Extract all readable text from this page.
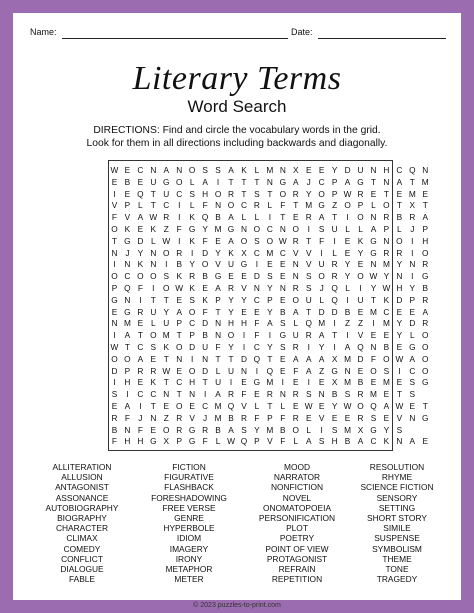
Name:	Date:
Literary Terms
Word Search
DIRECTIONS: Find and circle the vocabulary words in the grid.
Look for them in all directions including backwards and diagonally.
W E C N A N O S S A K L M N X E E Y D U N H C Q N
E B E U G O L A	I	T T T N G A J C P A G T N A T M
I	E Q T U C S H O R T S T O R Y O P W R E T E M E
V P L T C	I	L F N O C R L F T M G Z O P L O T X T
F V A W R	I	K Q B A L	L	I	T E R A T	I	O N R B R A
O K E K Z F G Y M G N O C N O	I	S U L	L A P L	J P
T G D L W I	K F E A O S O W R T F	I	E K G N O	I	H
N J Y N O R	I	D Y K X C M C V V	I	L E Y G R R	I	O
I	N K N	I	B Y O V U G	I	E E N V U R Y E N M Y N R
O C O O S K R B G E E D S E N S O R Y O W Y N	I	G
P Q F	I	O W K E A R V N Y N R S J Q L	I	Y W H Y B
G N	I	T T E S K P Y Y C P E O U L Q	I	U T K D P R
E G R U Y A O F T Y E E Y B A T D D B E M C E E A
N M E L U P C D N H H F A S L Q M	I	Z Z	I	M Y D R
I	A T O M T P B N O	I	F	I	G U R A T	I	V E E Y L O
W T C S K O D U F Y	I	C Y S R	I	Y	I	A Q N B E G O
O O A E T N	I	N T T D Q T E A A A X M D F O W A O
D P R R W E O D L U N	I	Q E F A Z G N E O S	I	C O
I	H E K T C H T U	I	E G M	I	E	I	E X M B E M E S G
S	I	C C N T N	I	A R F E R N R S N B S R M E T S
E A	I	T E O E C M Q V L T L E W E Y W O Q A W E T
R F	J N Z R V J M B R F P F R E V E E R S E V N G
B N F E O R G R B A S Y M B O L	I	S M X G Y S
F H H G X P G F L W Q P V F L A S H B A C K N A E
ALLITERATION
ALLUSION
ANTAGONIST
ASSONANCE
AUTOBIOGRAPHY
BIOGRAPHY
CHARACTER
CLIMAX
COMEDY
CONFLICT
DIALOGUE
FABLE
FICTION
FIGURATIVE
FLASHBACK
FORESHADOWING
FREE VERSE
GENRE
HYPERBOLE
IDIOM
IMAGERY
IRONY
METAPHOR
METER
MOOD
NARRATOR
NONFICTION
NOVEL
ONOMATOPOEIA
PERSONIFICATION
PLOT
POETRY
POINT OF VIEW
PROTAGONIST
REFRAIN
REPETITION
RESOLUTION
RHYME
SCIENCE FICTION
SENSORY
SETTING
SHORT STORY
SIMILE
SUSPENSE
SYMBOLISM
THEME
TONE
TRAGEDY
© 2023 puzzles-to-print.com
